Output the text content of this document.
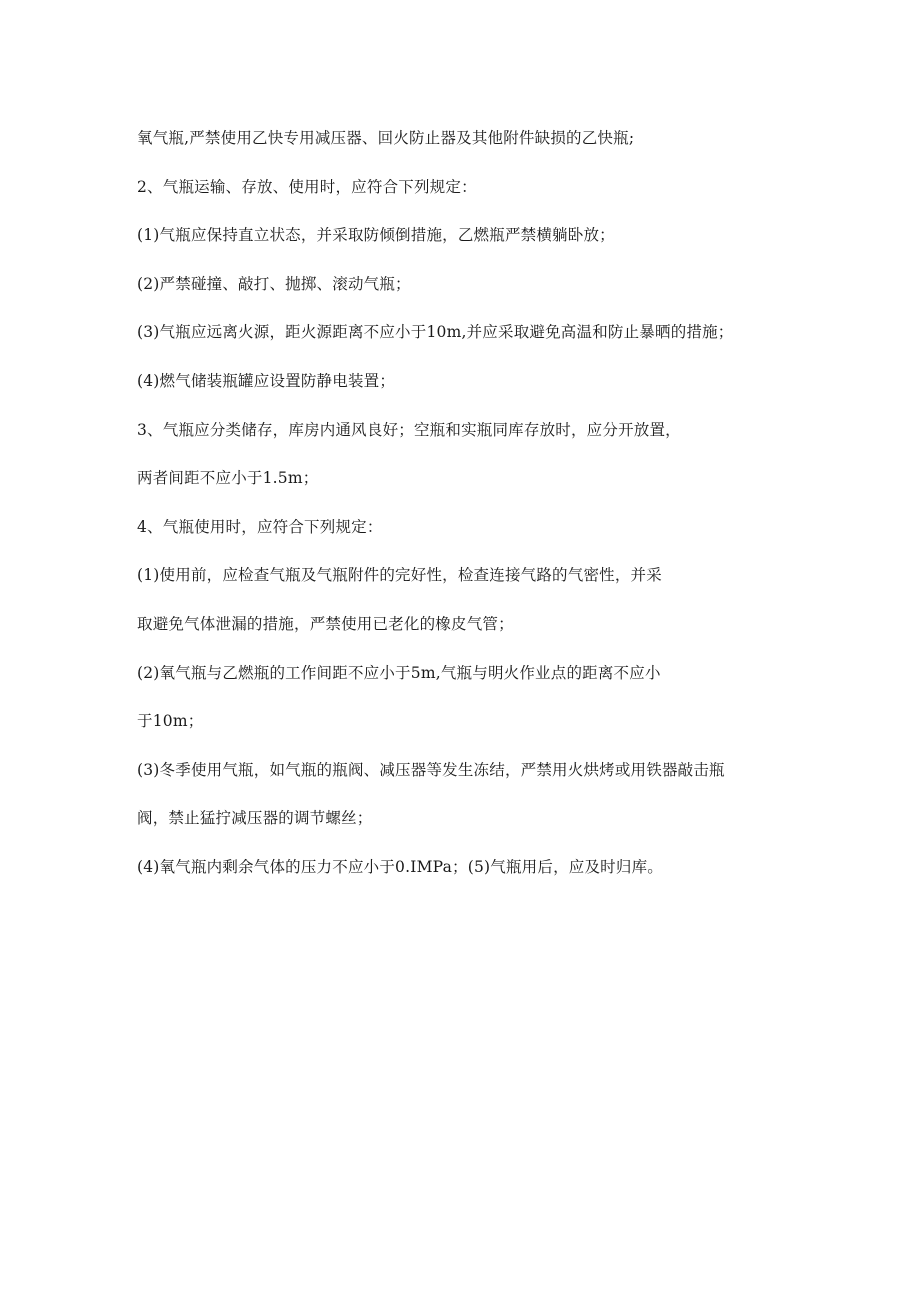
氧气瓶,严禁使用乙快专用减压器、回火防止器及其他附件缺损的乙快瓶;
2、气瓶运输、存放、使用时，应符合下列规定：
(1)气瓶应保持直立状态，并采取防倾倒措施，乙燃瓶严禁横躺卧放；
(2)严禁碰撞、敲打、抛掷、滚动气瓶；
(3)气瓶应远离火源，距火源距离不应小于10m,并应采取避免高温和防止暴晒的措施；
(4)燃气储装瓶罐应设置防静电装置；
3、气瓶应分类储存，库房内通风良好；空瓶和实瓶同库存放时，应分开放置，
两者间距不应小于1.5m；
4、气瓶使用时，应符合下列规定：
(1)使用前，应检查气瓶及气瓶附件的完好性，检查连接气路的气密性，并采
取避免气体泄漏的措施，严禁使用已老化的橡皮气管；
(2)氧气瓶与乙燃瓶的工作间距不应小于5m,气瓶与明火作业点的距离不应小
于10m；
(3)冬季使用气瓶，如气瓶的瓶阀、减压器等发生冻结，严禁用火烘烤或用铁器敲击瓶
阀，禁止猛拧减压器的调节螺丝；
(4)氧气瓶内剩余气体的压力不应小于0.IMPa；(5)气瓶用后，应及时归库。
